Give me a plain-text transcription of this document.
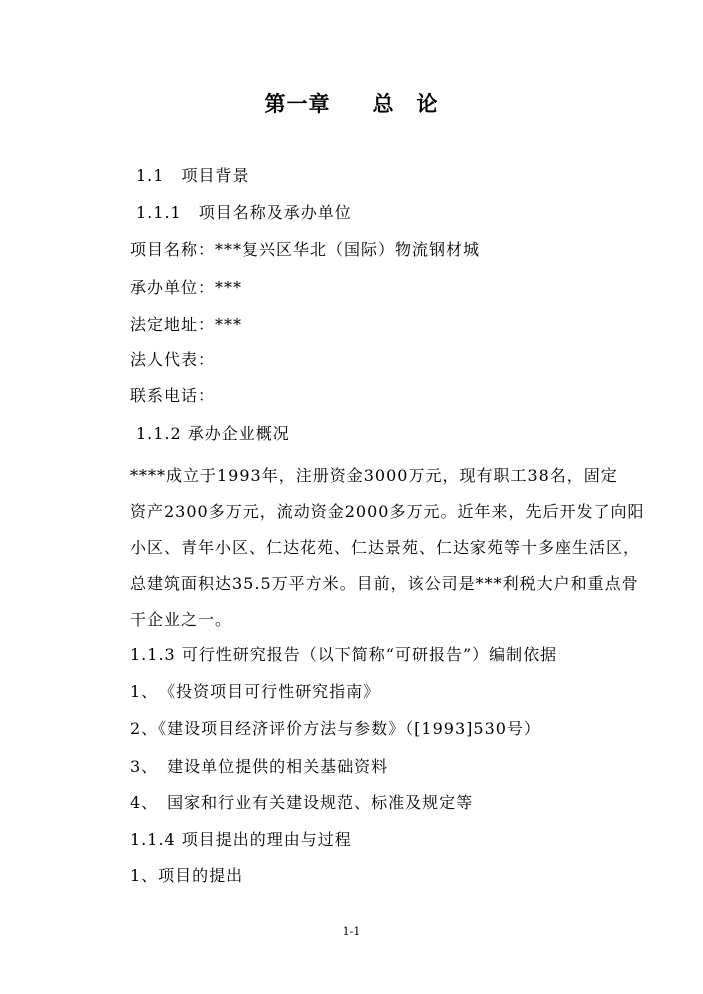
第一章 总　论
1.1　项目背景
1.1.1　项目名称及承办单位
项目名称：***复兴区华北（国际）物流钢材城
承办单位：***
法定地址：***
法人代表：
联系电话：
1.1.2 承办企业概况
****成立于1993年，注册资金3000万元，现有职工38名，固定
资产2300多万元，流动资金2000多万元。近年来，先后开发了向阳
小区、青年小区、仁达花苑、仁达景苑、仁达家苑等十多座生活区，
总建筑面积达35.5万平方米。目前，该公司是***利税大户和重点骨
干企业之一。
1.1.3 可行性研究报告（以下简称“可研报告”）编制依据
1、　《投资项目可行性研究指南》
2、《建设项目经济评价方法与参数》（[1993]530号）
3、　建设单位提供的相关基础资料
4、　国家和行业有关建设规范、标准及规定等
1.1.4 项目提出的理由与过程
1、项目的提出
1-1
